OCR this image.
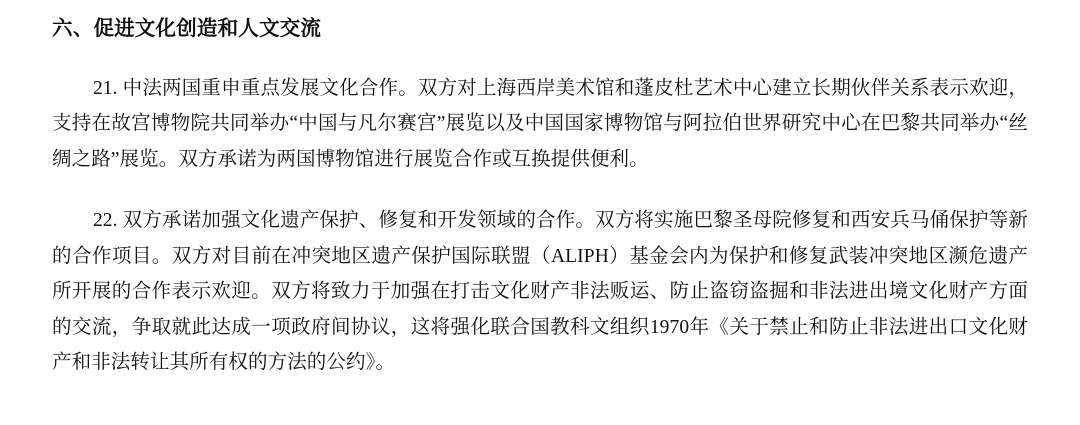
六、促进文化创造和人文交流

21. 中法两国重申重点发展文化合作。双方对上海西岸美术馆和蓬皮杜艺术中心建立长期伙伴关系表示欢迎，支持在故宫博物院共同举办“中国与凡尔赛宫”展览以及中国国家博物馆与阿拉伯世界研究中心在巴黎共同举办“丝绸之路”展览。双方承诺为两国博物馆进行展览合作或互换提供便利。

22. 双方承诺加强文化遗产保护、修复和开发领域的合作。双方将实施巴黎圣母院修复和西安兵马俑保护等新的合作项目。双方对目前在冲突地区遗产保护国际联盟（ALIPH）基金会内为保护和修复武装冲突地区濒危遗产所开展的合作表示欢迎。双方将致力于加强在打击文化财产非法贩运、防止盗窃盗掘和非法进出境文化财产方面的交流，争取就此达成一项政府间协议，这将强化联合国教科文组织1970年《关于禁止和防止非法进出口文化财产和非法转让其所有权的方法的公约》。
